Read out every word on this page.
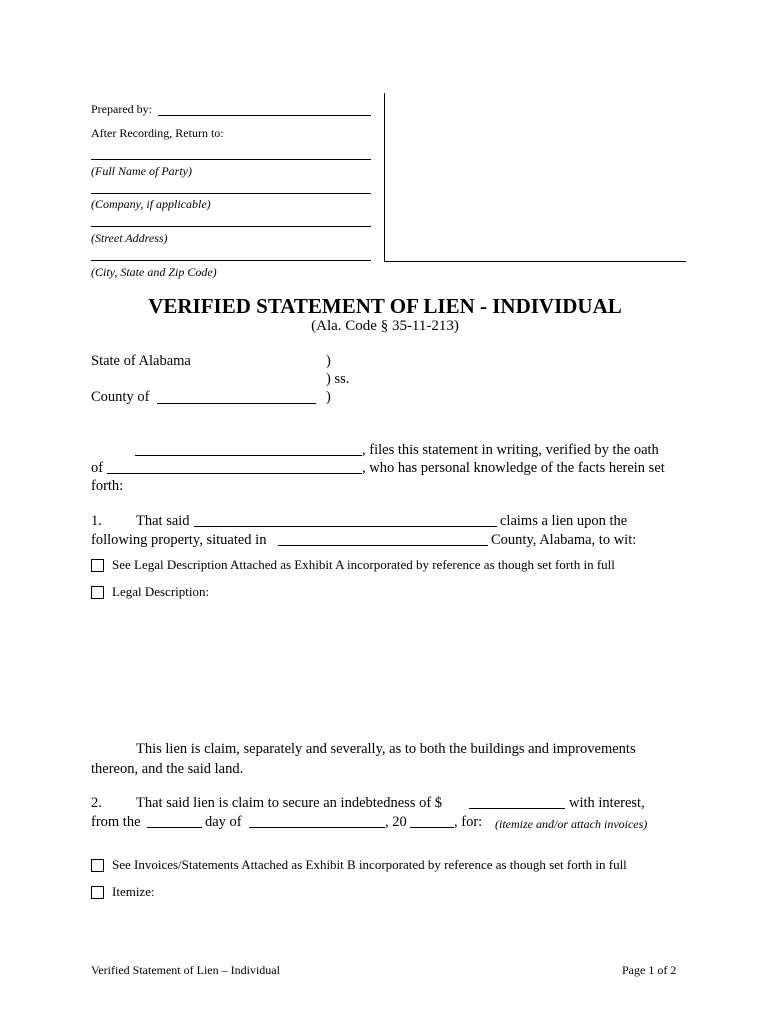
Prepared by:
After Recording, Return to:
(Full Name of Party)
(Company, if applicable)
(Street Address)
(City, State and Zip Code)
VERIFIED STATEMENT OF LIEN - INDIVIDUAL
(Ala. Code § 35-11-213)
State of Alabama	)
) ss.
County of	)
, files this statement in writing, verified by the oath
of	, who has personal knowledge of the facts herein set
forth:
1. That said	claims a lien upon the
following property, situated in	County, Alabama, to wit:
See Legal Description Attached as Exhibit A incorporated by reference as though set forth in full
Legal Description:
This lien is claim, separately and severally, as to both the buildings and improvements
thereon, and the said land.
2. That said lien is claim to secure an indebtedness of $	with interest,
from the	day of	, 20	, for: (itemize and/or attach invoices)
See Invoices/Statements Attached as Exhibit B incorporated by reference as though set forth in full
Itemize:
Verified Statement of Lien – Individual	Page 1 of 2
